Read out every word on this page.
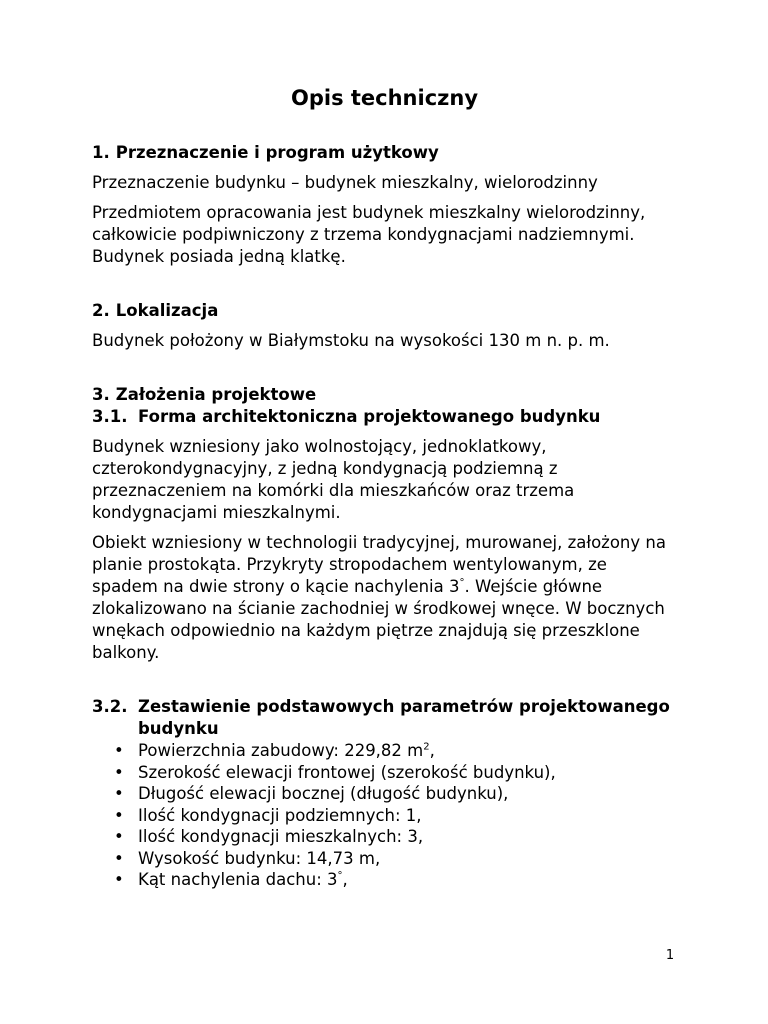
Opis techniczny
1. Przeznaczenie i program użytkowy

Przeznaczenie budynku – budynek mieszkalny, wielorodzinny

Przedmiotem opracowania jest budynek mieszkalny wielorodzinny, całkowicie podpiwniczony z trzema kondygnacjami nadziemnymi. Budynek posiada jedną klatkę.

2. Lokalizacja

Budynek położony w Białymstoku na wysokości 130 m n. p. m.

3. Założenia projektowe
3.1. Forma architektoniczna projektowanego budynku

Budynek wzniesiony jako wolnostojący, jednoklatkowy, czterokondygnacyjny, z jedną kondygnacją podziemną z przeznaczeniem na komórki dla mieszkańców oraz trzema kondygnacjami mieszkalnymi.

Obiekt wzniesiony w technologii tradycyjnej, murowanej, założony na planie prostokąta. Przykryty stropodachem wentylowanym, ze spadem na dwie strony o kącie nachylenia 3°. Wejście główne zlokalizowano na ścianie zachodniej w środkowej wnęce. W bocznych wnękach odpowiednio na każdym piętrze znajdują się przeszklone balkony.

3.2. Zestawienie podstawowych parametrów projektowanego budynku
• Powierzchnia zabudowy: 229,82 $m^2$,
• Szerokość elewacji frontowej (szerokość budynku),
• Długość elewacji bocznej (długość budynku),
• Ilość kondygnacji podziemnych: 1,
• Ilość kondygnacji mieszkalnych: 3,
• Wysokość budynku: 14,73 m,
• Kąt nachylenia dachu: 3°,
1
